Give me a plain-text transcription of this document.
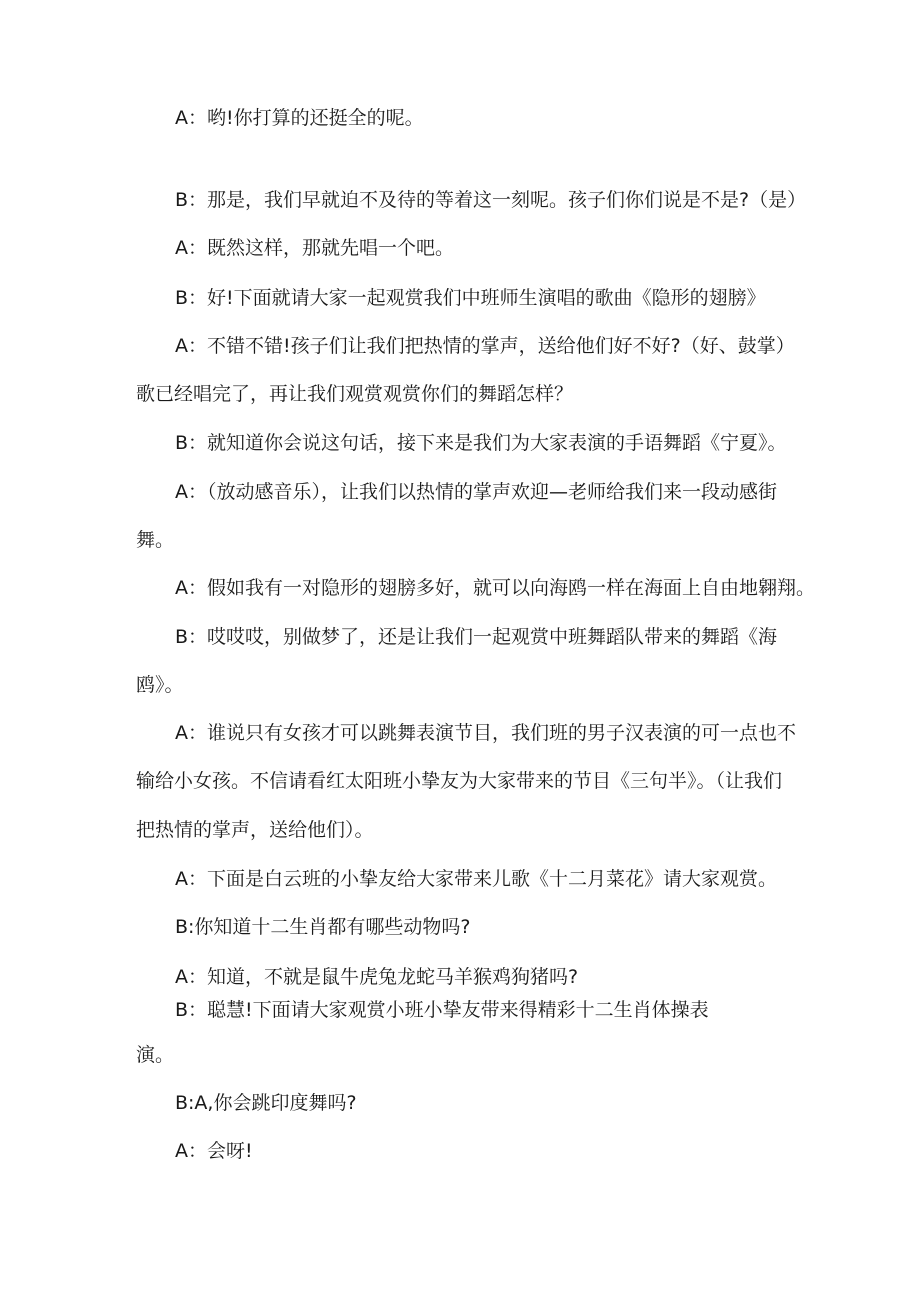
A：哟!你打算的还挺全的呢。

B：那是，我们早就迫不及待的等着这一刻呢。孩子们你们说是不是?（是）

A：既然这样，那就先唱一个吧。

B：好!下面就请大家一起观赏我们中班师生演唱的歌曲《隐形的翅膀》

A：不错不错!孩子们让我们把热情的掌声，送给他们好不好?（好、鼓掌）

歌已经唱完了，再让我们观赏观赏你们的舞蹈怎样？

B：就知道你会说这句话，接下来是我们为大家表演的手语舞蹈《宁夏》。

A：（放动感音乐），让我们以热情的掌声欢迎—老师给我们来一段动感街

舞。

A：假如我有一对隐形的翅膀多好，就可以向海鸥一样在海面上自由地翱翔。

B：哎哎哎，别做梦了，还是让我们一起观赏中班舞蹈队带来的舞蹈《海

鸥》。

A：谁说只有女孩才可以跳舞表演节目，我们班的男子汉表演的可一点也不

输给小女孩。不信请看红太阳班小挚友为大家带来的节目《三句半》。（让我们

把热情的掌声，送给他们）。

A：下面是白云班的小挚友给大家带来儿歌《十二月菜花》请大家观赏。

B:你知道十二生肖都有哪些动物吗?

A：知道，不就是鼠牛虎兔龙蛇马羊猴鸡狗猪吗?

B：聪慧!下面请大家观赏小班小挚友带来得精彩十二生肖体操表

演。

B:A,你会跳印度舞吗?

A：会呀!
